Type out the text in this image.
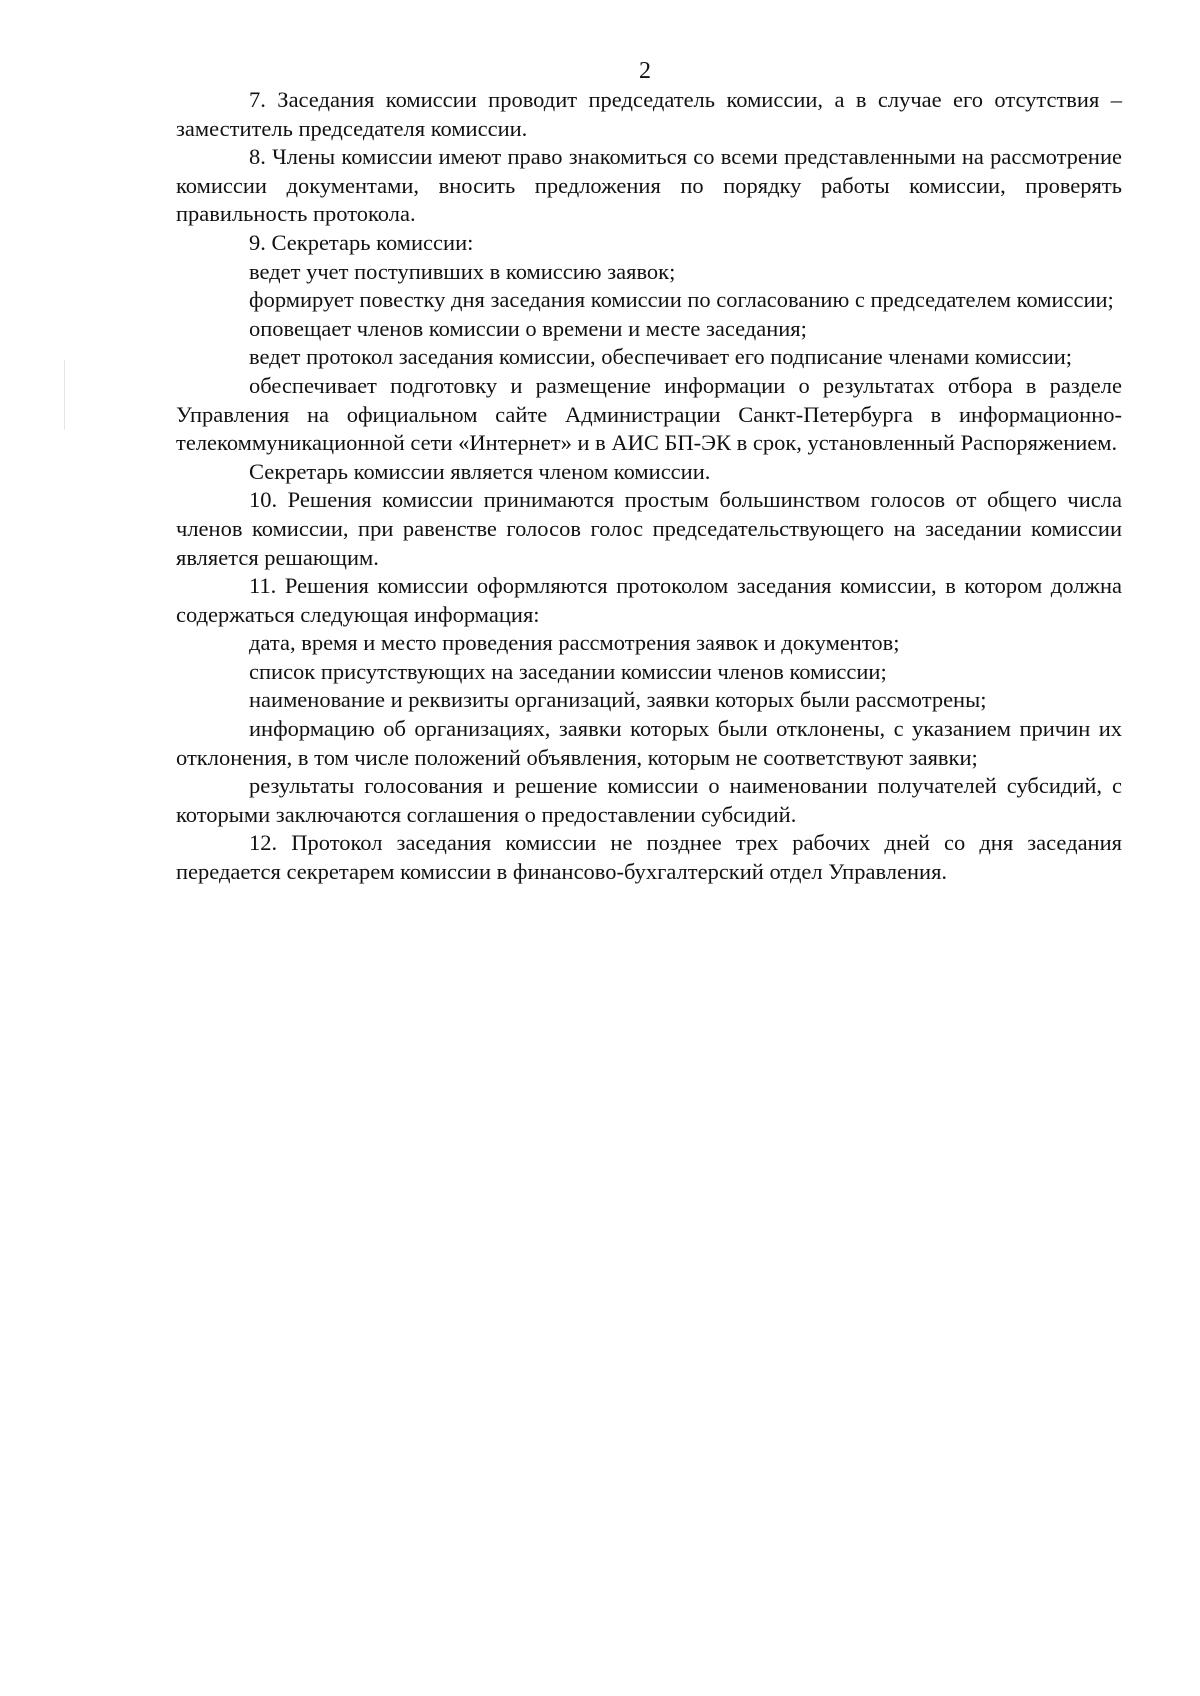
2

7. Заседания комиссии проводит председатель комиссии, а в случае его отсутствия – заместитель председателя комиссии.

8. Члены комиссии имеют право знакомиться со всеми представленными на рассмотрение комиссии документами, вносить предложения по порядку работы комиссии, проверять правильность протокола.

9. Секретарь комиссии:

ведет учет поступивших в комиссию заявок;

формирует повестку дня заседания комиссии по согласованию с председателем комиссии;

оповещает членов комиссии о времени и месте заседания;

ведет протокол заседания комиссии, обеспечивает его подписание членами комиссии;

обеспечивает подготовку и размещение информации о результатах отбора в разделе Управления на официальном сайте Администрации Санкт-Петербурга в информационно-телекоммуникационной сети «Интернет» и в АИС БП-ЭК в срок, установленный Распоряжением.

Секретарь комиссии является членом комиссии.

10. Решения комиссии принимаются простым большинством голосов от общего числа членов комиссии, при равенстве голосов голос председательствующего на заседании комиссии является решающим.

11. Решения комиссии оформляются протоколом заседания комиссии, в котором должна содержаться следующая информация:

дата, время и место проведения рассмотрения заявок и документов;

список присутствующих на заседании комиссии членов комиссии;

наименование и реквизиты организаций, заявки которых были рассмотрены;

информацию об организациях, заявки которых были отклонены, с указанием причин их отклонения, в том числе положений объявления, которым не соответствуют заявки;

результаты голосования и решение комиссии о наименовании получателей субсидий, с которыми заключаются соглашения о предоставлении субсидий.

12. Протокол заседания комиссии не позднее трех рабочих дней со дня заседания передается секретарем комиссии в финансово-бухгалтерский отдел Управления.
